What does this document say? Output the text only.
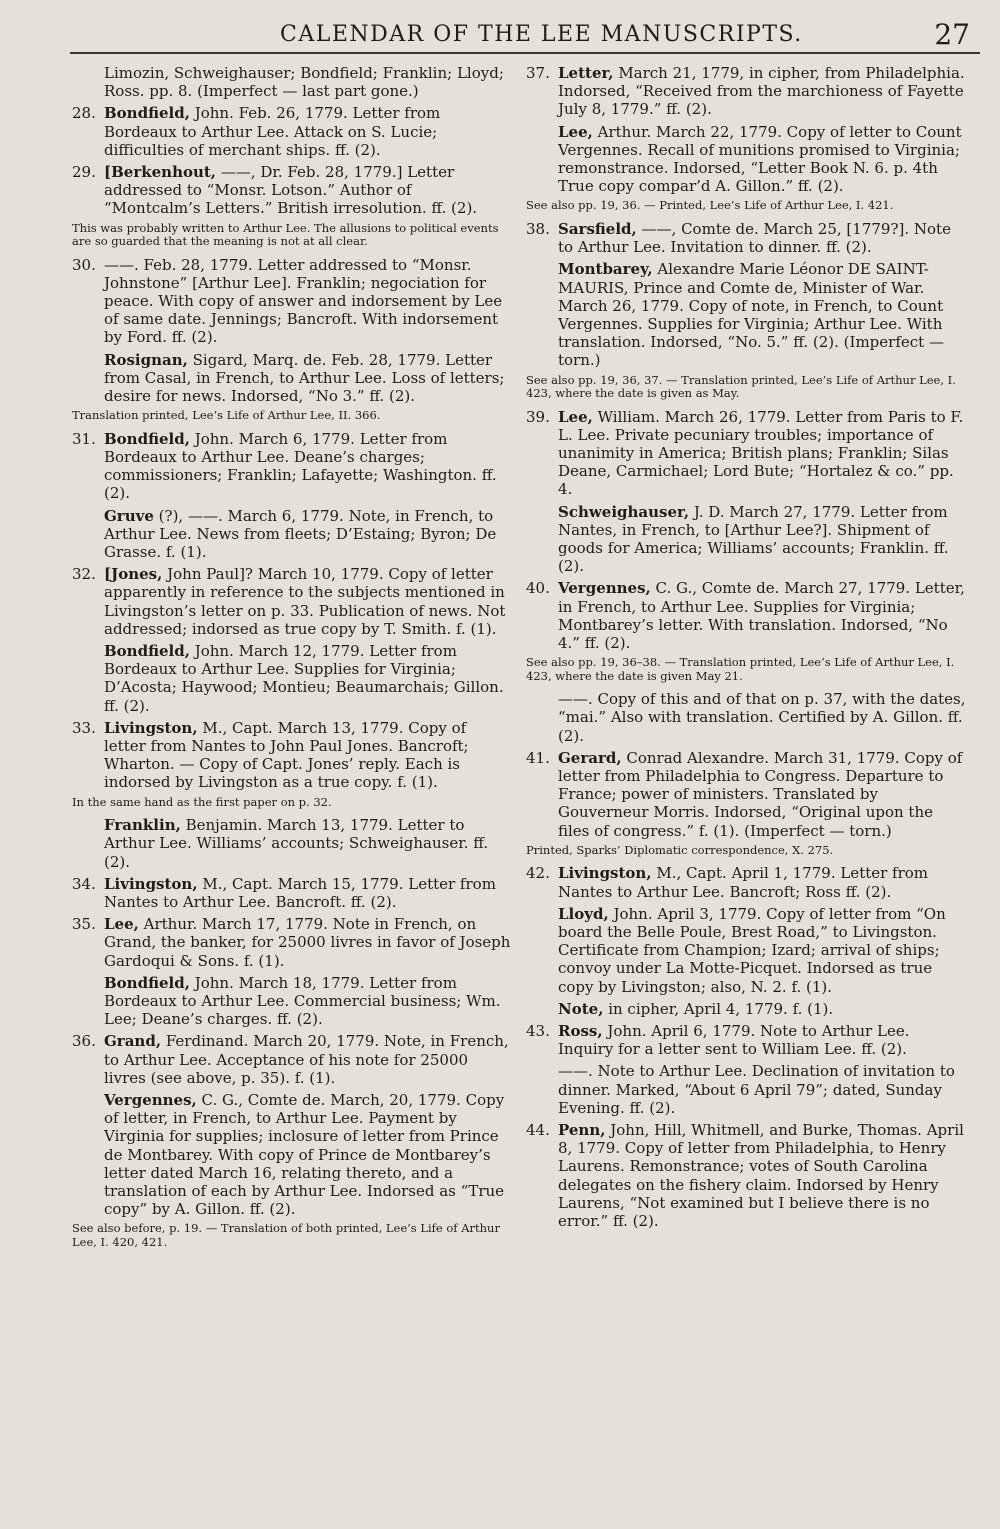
CALENDAR OF THE LEE MANUSCRIPTS.	27
Limozin, Schweighauser; Bondfield; Franklin; Lloyd; Ross. pp. 8. (Imperfect — last part gone.)
28. Bondfield, John. Feb. 26, 1779. Letter from Bordeaux to Arthur Lee. Attack on S. Lucie; difficulties of merchant ships. ff. (2).
29. [Berkenhout, ——, Dr. Feb. 28, 1779.] Letter addressed to “Monsr. Lotson.” Author of “Montcalm’s Letters.” British irresolution. ff. (2).
This was probably written to Arthur Lee. The allusions to political events are so guarded that the meaning is not at all clear.
30. ——. Feb. 28, 1779. Letter addressed to “Monsr. Johnstone” [Arthur Lee]. Franklin; negociation for peace. With copy of answer and indorsement by Lee of same date. Jennings; Bancroft. With indorsement by Ford. ff. (2).
Rosignan, Sigard, Marq. de. Feb. 28, 1779. Letter from Casal, in French, to Arthur Lee. Loss of letters; desire for news. Indorsed, “No 3.” ff. (2).
Translation printed, Lee’s Life of Arthur Lee, II. 366.
31. Bondfield, John. March 6, 1779. Letter from Bordeaux to Arthur Lee. Deane’s charges; commissioners; Franklin; Lafayette; Washington. ff. (2).
Gruve (?), ——. March 6, 1779. Note, in French, to Arthur Lee. News from fleets; D’Estaing; Byron; De Grasse. f. (1).
32. [Jones, John Paul]? March 10, 1779. Copy of letter apparently in reference to the subjects mentioned in Livingston’s letter on p. 33. Publication of news. Not addressed; indorsed as true copy by T. Smith. f. (1).
Bondfield, John. March 12, 1779. Letter from Bordeaux to Arthur Lee. Supplies for Virginia; D’Acosta; Haywood; Montieu; Beaumarchais; Gillon. ff. (2).
33. Livingston, M., Capt. March 13, 1779. Copy of letter from Nantes to John Paul Jones. Bancroft; Wharton. — Copy of Capt. Jones’ reply. Each is indorsed by Livingston as a true copy. f. (1).
In the same hand as the first paper on p. 32.
Franklin, Benjamin. March 13, 1779. Letter to Arthur Lee. Williams’ accounts; Schweighauser. ff. (2).
34. Livingston, M., Capt. March 15, 1779. Letter from Nantes to Arthur Lee. Bancroft. ff. (2).
35. Lee, Arthur. March 17, 1779. Note in French, on Grand, the banker, for 25000 livres in favor of Joseph Gardoqui & Sons. f. (1).
Bondfield, John. March 18, 1779. Letter from Bordeaux to Arthur Lee. Commercial business; Wm. Lee; Deane’s charges. ff. (2).
36. Grand, Ferdinand. March 20, 1779. Note, in French, to Arthur Lee. Acceptance of his note for 25000 livres (see above, p. 35). f. (1).
Vergennes, C. G., Comte de. March, 20, 1779. Copy of letter, in French, to Arthur Lee. Payment by Virginia for supplies; inclosure of letter from Prince de Montbarey. With copy of Prince de Montbarey’s letter dated March 16, relating thereto, and a translation of each by Arthur Lee. Indorsed as “True copy” by A. Gillon. ff. (2).
See also before, p. 19. — Translation of both printed, Lee’s Life of Arthur Lee, I. 420, 421.
37. Letter, March 21, 1779, in cipher, from Philadelphia. Indorsed, “Received from the marchioness of Fayette July 8, 1779.” ff. (2).
Lee, Arthur. March 22, 1779. Copy of letter to Count Vergennes. Recall of munitions promised to Virginia; remonstrance. Indorsed, “Letter Book N. 6. p. 4th True copy compar’d A. Gillon.” ff. (2).
See also pp. 19, 36. — Printed, Lee’s Life of Arthur Lee, I. 421.
38. Sarsfield, ——, Comte de. March 25, [1779?]. Note to Arthur Lee. Invitation to dinner. ff. (2).
Montbarey, Alexandre Marie Léonor DE SAINT-MAURIS, Prince and Comte de, Minister of War. March 26, 1779. Copy of note, in French, to Count Vergennes. Supplies for Virginia; Arthur Lee. With translation. Indorsed, “No. 5.” ff. (2). (Imperfect — torn.)
See also pp. 19, 36, 37. — Translation printed, Lee’s Life of Arthur Lee, I. 423, where the date is given as May.
39. Lee, William. March 26, 1779. Letter from Paris to F. L. Lee. Private pecuniary troubles; importance of unanimity in America; British plans; Franklin; Silas Deane, Carmichael; Lord Bute; “Hortalez & co.” pp. 4.
Schweighauser, J. D. March 27, 1779. Letter from Nantes, in French, to [Arthur Lee?]. Shipment of goods for America; Williams’ accounts; Franklin. ff. (2).
40. Vergennes, C. G., Comte de. March 27, 1779. Letter, in French, to Arthur Lee. Supplies for Virginia; Montbarey’s letter. With translation. Indorsed, “No 4.” ff. (2).
See also pp. 19, 36–38. — Translation printed, Lee’s Life of Arthur Lee, I. 423, where the date is given May 21.
——. Copy of this and of that on p. 37, with the dates, “mai.” Also with translation. Certified by A. Gillon. ff. (2).
41. Gerard, Conrad Alexandre. March 31, 1779. Copy of letter from Philadelphia to Congress. Departure to France; power of ministers. Translated by Gouverneur Morris. Indorsed, “Original upon the files of congress.” f. (1). (Imperfect — torn.)
Printed, Sparks’ Diplomatic correspondence, X. 275.
42. Livingston, M., Capt. April 1, 1779. Letter from Nantes to Arthur Lee. Bancroft; Ross ff. (2).
Lloyd, John. April 3, 1779. Copy of letter from “On board the Belle Poule, Brest Road,” to Livingston. Certificate from Champion; Izard; arrival of ships; convoy under La Motte-Picquet. Indorsed as true copy by Livingston; also, N. 2. f. (1).
Note, in cipher, April 4, 1779. f. (1).
43. Ross, John. April 6, 1779. Note to Arthur Lee. Inquiry for a letter sent to William Lee. ff. (2).
——. Note to Arthur Lee. Declination of invitation to dinner. Marked, “About 6 April 79”; dated, Sunday Evening. ff. (2).
44. Penn, John, Hill, Whitmell, and Burke, Thomas. April 8, 1779. Copy of letter from Philadelphia, to Henry Laurens. Remonstrance; votes of South Carolina delegates on the fishery claim. Indorsed by Henry Laurens, “Not examined but I believe there is no error.” ff. (2).
